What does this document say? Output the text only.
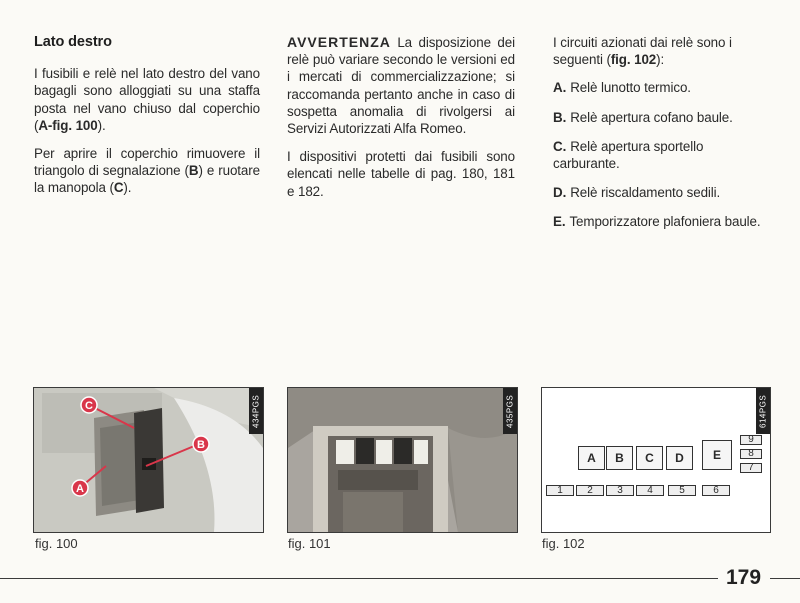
Lato destro

I fusibili e relè nel lato destro del vano bagagli sono alloggiati su una staffa posta nel vano chiuso dal coperchio (A-fig. 100).

Per aprire il coperchio rimuovere il triangolo di segnalazione (B) e ruotare la manopola (C).

AVVERTENZA La disposizione dei relè può variare secondo le versioni ed i mercati di commercializzazione; si raccomanda pertanto anche in caso di sospetta anomalia di rivolgersi ai Servizi Autorizzati Alfa Romeo.

I dispositivi protetti dai fusibili sono elencati nelle tabelle di pag. 180, 181 e 182.

I circuiti azionati dai relè sono i seguenti (fig. 102):

A. Relè lunotto termico.
B. Relè apertura cofano baule.
C. Relè apertura sportello carburante.
D. Relè riscaldamento sedili.
E. Temporizzatore plafoniera baule.
C
B
A
434PGS
fig. 100
435PGS
fig. 101
A	B	C	D	E
9
8
7
1	2	3	4	5	6
614PGS
fig. 102
179
